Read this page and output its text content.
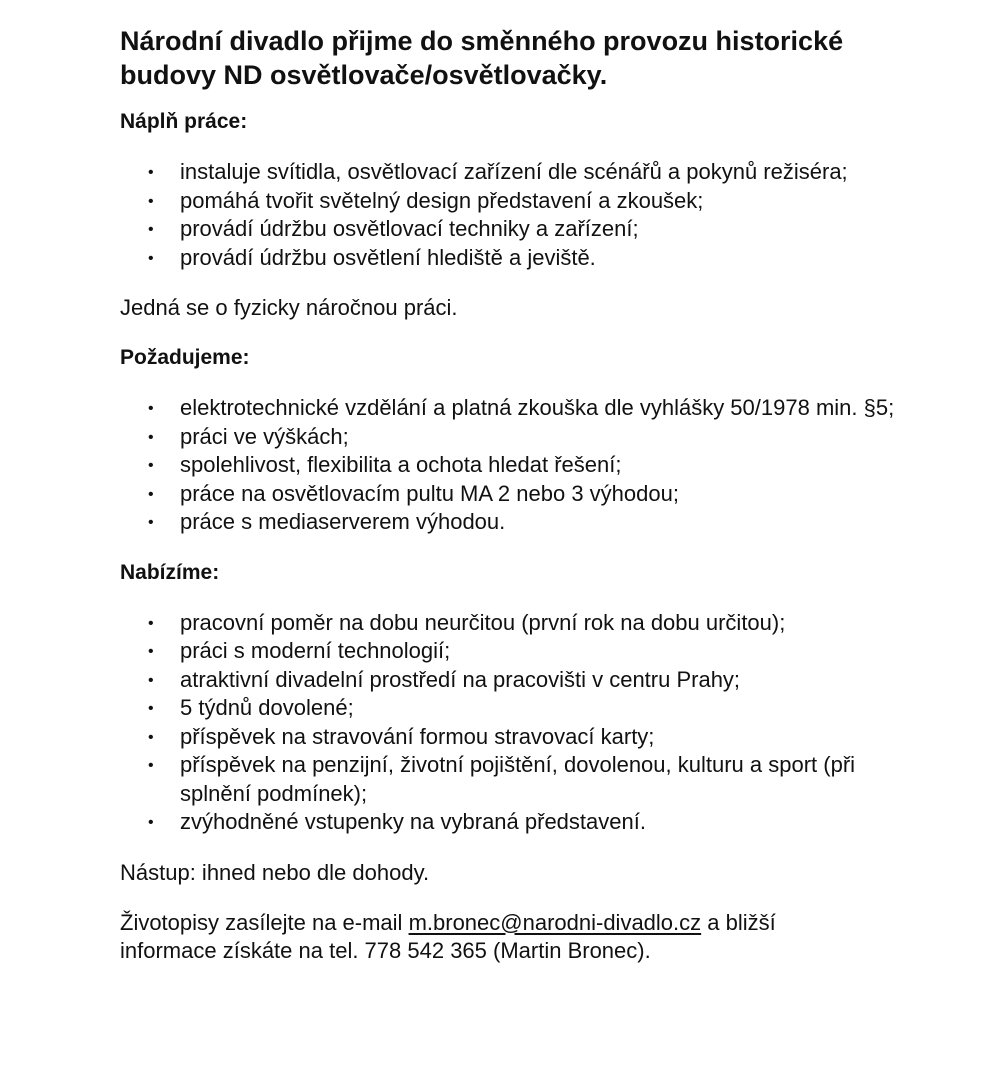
Národní divadlo přijme do směnného provozu historické budovy ND osvětlovače/osvětlovačky.
Náplň práce:
• instaluje svítidla, osvětlovací zařízení dle scénářů a pokynů režiséra;
• pomáhá tvořit světelný design představení a zkoušek;
• provádí údržbu osvětlovací techniky a zařízení;
• provádí údržbu osvětlení hlediště a jeviště.

Jedná se o fyzicky náročnou práci.

Požadujeme:
• elektrotechnické vzdělání a platná zkouška dle vyhlášky 50/1978 min. §5;
• práci ve výškách;
• spolehlivost, flexibilita a ochota hledat řešení;
• práce na osvětlovacím pultu MA 2 nebo 3 výhodou;
• práce s mediaserverem výhodou.
Nabízíme:
• pracovní poměr na dobu neurčitou (první rok na dobu určitou);
• práci s moderní technologií;
• atraktivní divadelní prostředí na pracovišti v centru Prahy;
• 5 týdnů dovolené;
• příspěvek na stravování formou stravovací karty;
• příspěvek na penzijní, životní pojištění, dovolenou, kulturu a sport (při splnění podmínek);
• zvýhodněné vstupenky na vybraná představení.

Nástup: ihned nebo dle dohody.

Životopisy zasílejte na e-mail m.bronec@narodni-divadlo.cz a bližší
informace získáte na tel. 778 542 365 (Martin Bronec).
